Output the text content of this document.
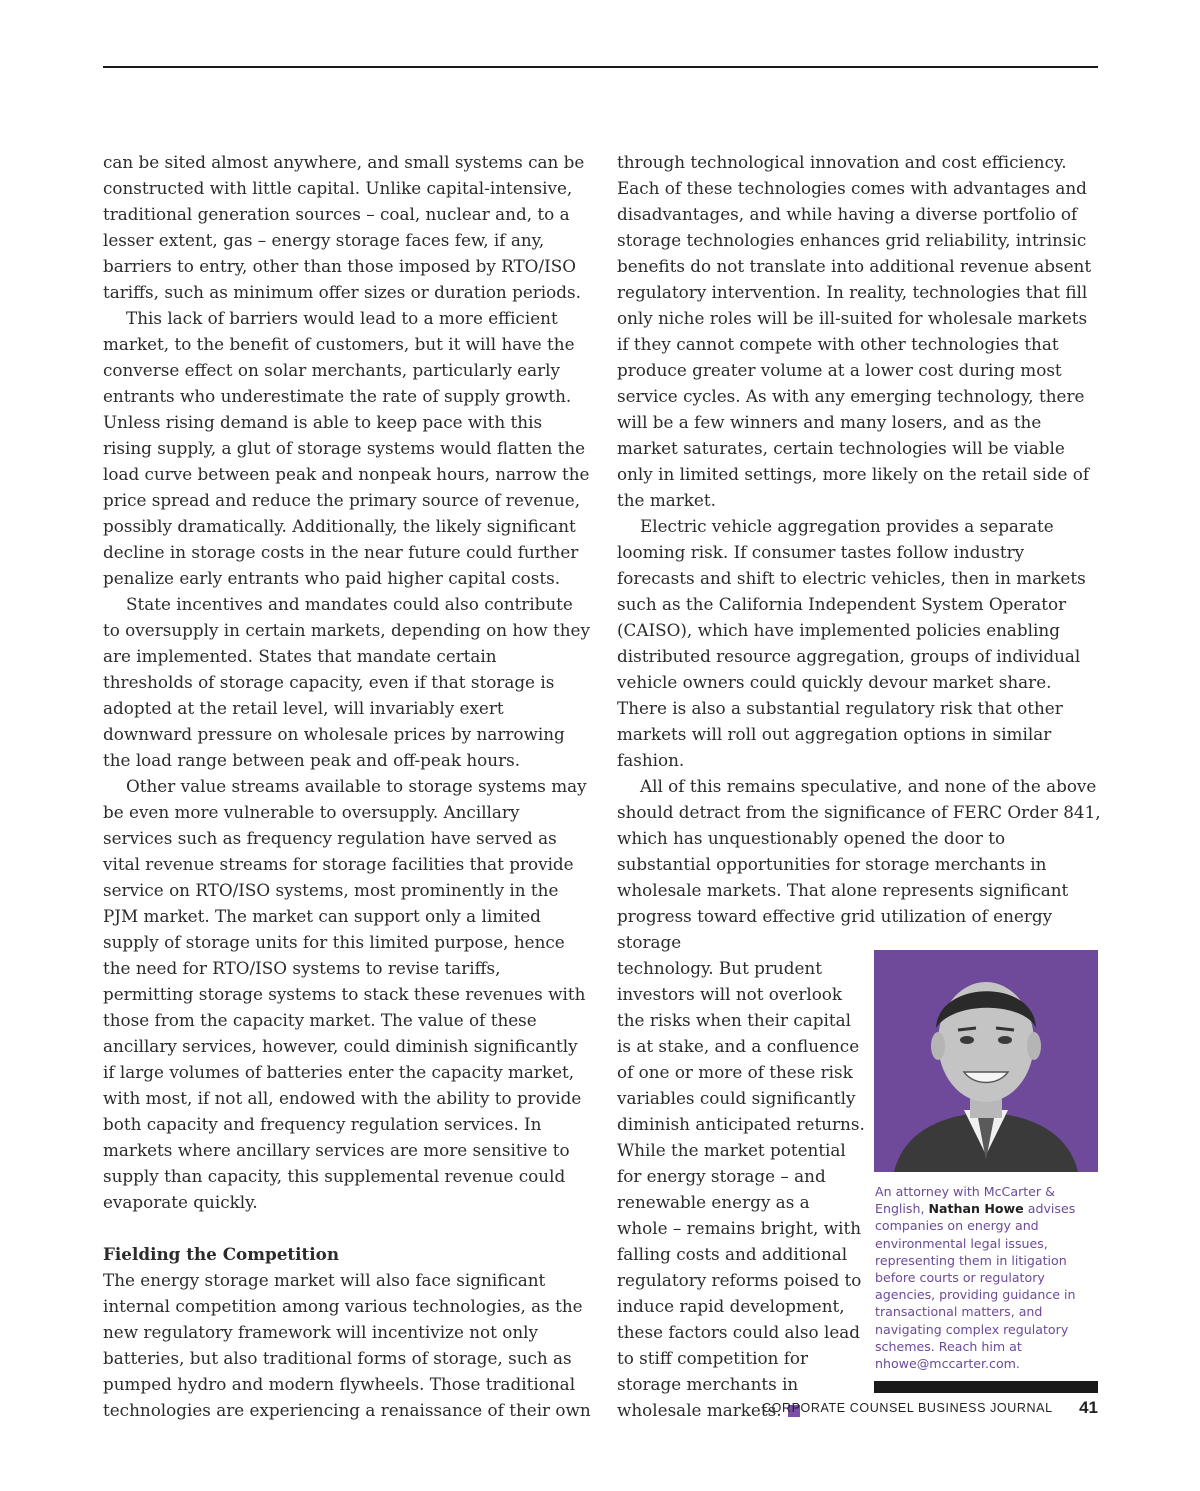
can be sited almost anywhere, and small systems can be constructed with little capital. Unlike capital-intensive, traditional generation sources – coal, nuclear and, to a lesser extent, gas – energy storage faces few, if any, barriers to entry, other than those imposed by RTO/ISO tariffs, such as minimum offer sizes or duration periods.

This lack of barriers would lead to a more efficient market, to the benefit of customers, but it will have the converse effect on solar merchants, particularly early entrants who underestimate the rate of supply growth. Unless rising demand is able to keep pace with this rising supply, a glut of storage systems would flatten the load curve between peak and nonpeak hours, narrow the price spread and reduce the primary source of revenue, possibly dramatically. Additionally, the likely significant decline in storage costs in the near future could further penalize early entrants who paid higher capital costs.

State incentives and mandates could also contribute to oversupply in certain markets, depending on how they are implemented. States that mandate certain thresholds of storage capacity, even if that storage is adopted at the retail level, will invariably exert downward pressure on wholesale prices by narrowing the load range between peak and off-peak hours.

Other value streams available to storage systems may be even more vulnerable to oversupply. Ancillary services such as frequency regulation have served as vital revenue streams for storage facilities that provide service on RTO/ISO systems, most prominently in the PJM market. The market can support only a limited supply of storage units for this limited purpose, hence the need for RTO/ISO systems to revise tariffs, permitting storage systems to stack these revenues with those from the capacity market. The value of these ancillary services, however, could diminish significantly if large volumes of batteries enter the capacity market, with most, if not all, endowed with the ability to provide both capacity and frequency regulation services. In markets where ancillary services are more sensitive to supply than capacity, this supplemental revenue could evaporate quickly.

Fielding the Competition

The energy storage market will also face significant internal competition among various technologies, as the new regulatory framework will incentivize not only batteries, but also traditional forms of storage, such as pumped hydro and modern flywheels. Those traditional technologies are experiencing a renaissance of their own

through technological innovation and cost efficiency. Each of these technologies comes with advantages and disadvantages, and while having a diverse portfolio of storage technologies enhances grid reliability, intrinsic benefits do not translate into additional revenue absent regulatory intervention. In reality, technologies that fill only niche roles will be ill-suited for wholesale markets if they cannot compete with other technologies that produce greater volume at a lower cost during most service cycles. As with any emerging technology, there will be a few winners and many losers, and as the market saturates, certain technologies will be viable only in limited settings, more likely on the retail side of the market.

Electric vehicle aggregation provides a separate looming risk. If consumer tastes follow industry forecasts and shift to electric vehicles, then in markets such as the California Independent System Operator (CAISO), which have implemented policies enabling distributed resource aggregation, groups of individual vehicle owners could quickly devour market share. There is also a substantial regulatory risk that other markets will roll out aggregation options in similar fashion.

All of this remains speculative, and none of the above should detract from the significance of FERC Order 841, which has unquestionably opened the door to substantial opportunities for storage merchants in wholesale markets. That alone represents significant progress toward effective grid utilization of energy storage

technology. But prudent investors will not overlook the risks when their capital is at stake, and a confluence of one or more of these risk variables could significantly diminish anticipated returns. While the market potential for energy storage – and renewable energy as a whole – remains bright, with falling costs and additional regulatory reforms poised to induce rapid development, these factors could also lead to stiff competition for storage merchants in wholesale markets.

An attorney with McCarter & English, Nathan Howe advises companies on energy and environmental legal issues, representing them in litigation before courts or regulatory agencies, providing guidance in transactional matters, and navigating complex regulatory schemes. Reach him at nhowe@mccarter.com.
CORPORATE COUNSEL BUSINESS JOURNAL 41
